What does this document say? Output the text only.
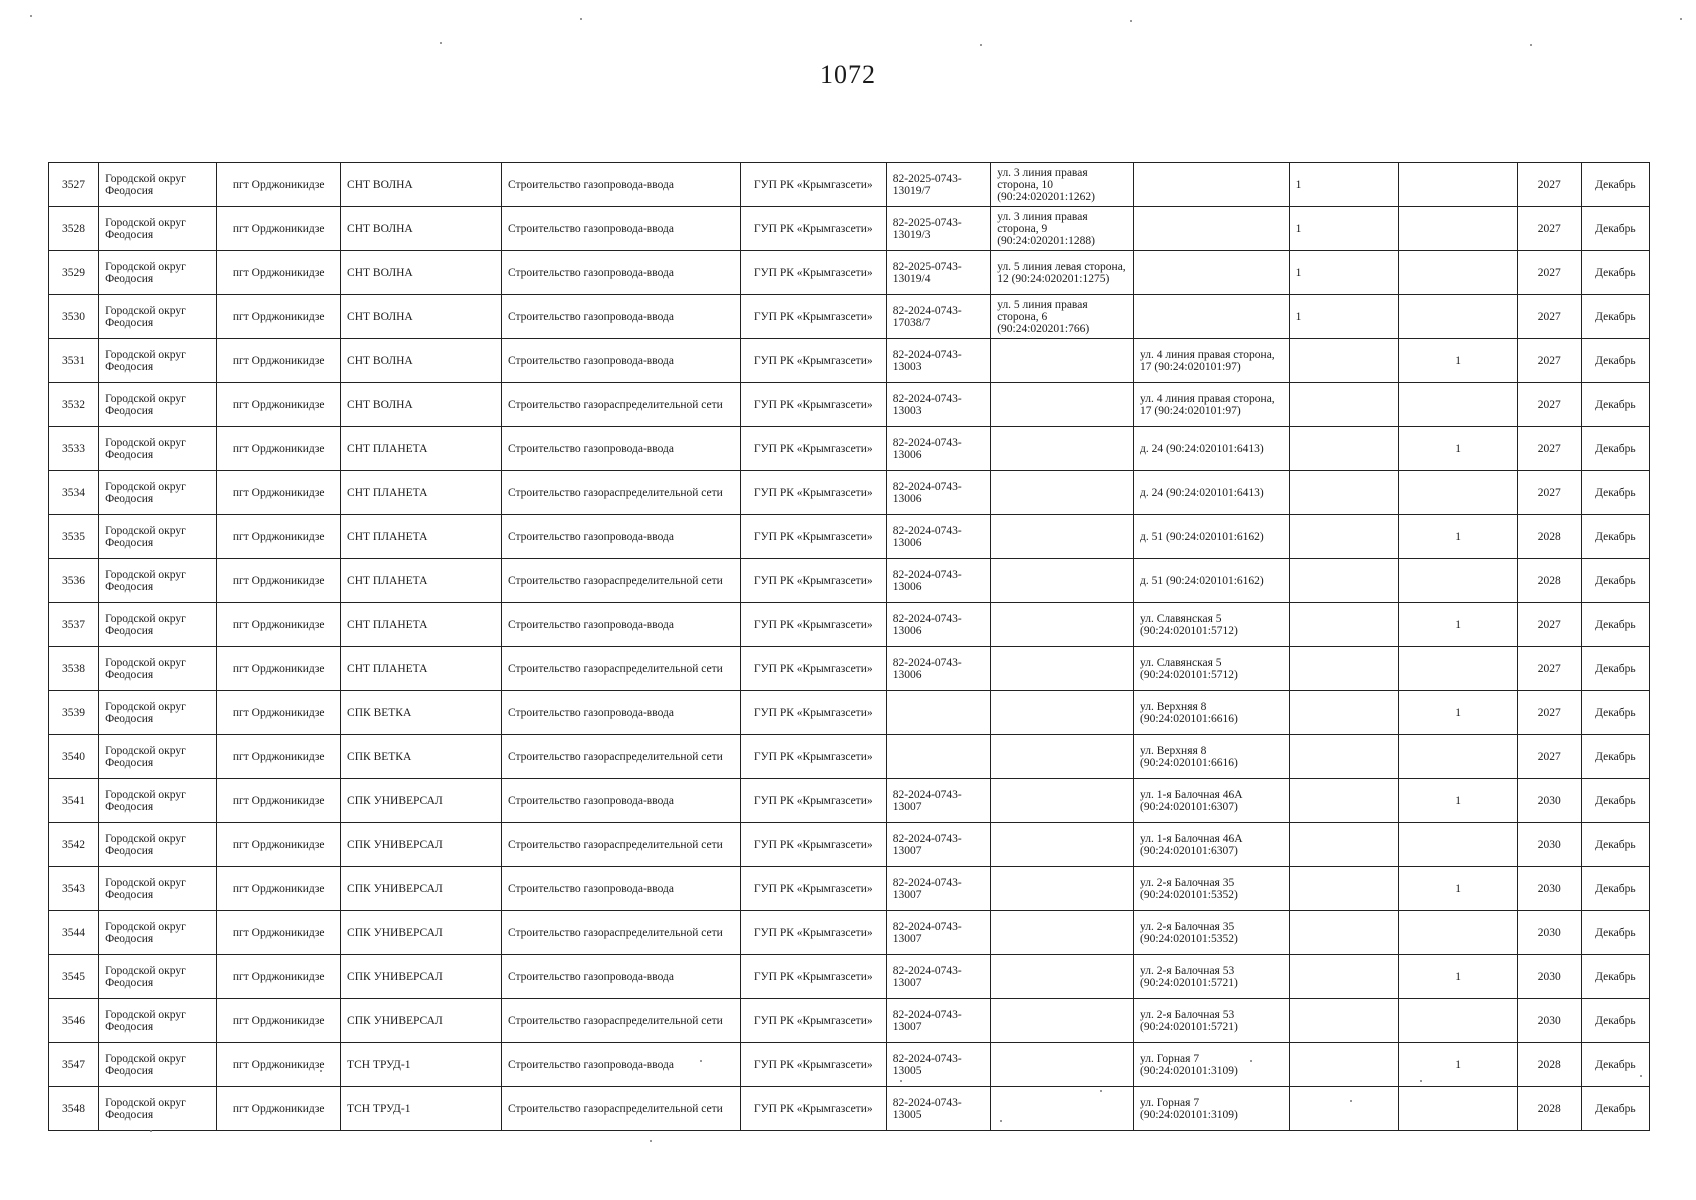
1072
3527	Городской округ Феодосия	пгт Орджоникидзе	СНТ ВОЛНА	Строительство газопровода-ввода	ГУП РК «Крымгазсети»	82-2025-0743-13019/7	ул. 3 линия правая сторона, 10 (90:24:020201:1262)		1		2027	Декабрь
3528	Городской округ Феодосия	пгт Орджоникидзе	СНТ ВОЛНА	Строительство газопровода-ввода	ГУП РК «Крымгазсети»	82-2025-0743-13019/3	ул. 3 линия правая сторона, 9 (90:24:020201:1288)		1		2027	Декабрь
3529	Городской округ Феодосия	пгт Орджоникидзе	СНТ ВОЛНА	Строительство газопровода-ввода	ГУП РК «Крымгазсети»	82-2025-0743-13019/4	ул. 5 линия левая сторона, 12 (90:24:020201:1275)		1		2027	Декабрь
3530	Городской округ Феодосия	пгт Орджоникидзе	СНТ ВОЛНА	Строительство газопровода-ввода	ГУП РК «Крымгазсети»	82-2024-0743-17038/7	ул. 5 линия правая сторона, 6 (90:24:020201:766)		1		2027	Декабрь
3531	Городской округ Феодосия	пгт Орджоникидзе	СНТ ВОЛНА	Строительство газопровода-ввода	ГУП РК «Крымгазсети»	82-2024-0743-13003		ул. 4 линия правая сторона, 17 (90:24:020101:97)		1	2027	Декабрь
3532	Городской округ Феодосия	пгт Орджоникидзе	СНТ ВОЛНА	Строительство газораспределительной сети	ГУП РК «Крымгазсети»	82-2024-0743-13003		ул. 4 линия правая сторона, 17 (90:24:020101:97)			2027	Декабрь
3533	Городской округ Феодосия	пгт Орджоникидзе	СНТ ПЛАНЕТА	Строительство газопровода-ввода	ГУП РК «Крымгазсети»	82-2024-0743-13006		д. 24 (90:24:020101:6413)		1	2027	Декабрь
3534	Городской округ Феодосия	пгт Орджоникидзе	СНТ ПЛАНЕТА	Строительство газораспределительной сети	ГУП РК «Крымгазсети»	82-2024-0743-13006		д. 24 (90:24:020101:6413)			2027	Декабрь
3535	Городской округ Феодосия	пгт Орджоникидзе	СНТ ПЛАНЕТА	Строительство газопровода-ввода	ГУП РК «Крымгазсети»	82-2024-0743-13006		д. 51 (90:24:020101:6162)		1	2028	Декабрь
3536	Городской округ Феодосия	пгт Орджоникидзе	СНТ ПЛАНЕТА	Строительство газораспределительной сети	ГУП РК «Крымгазсети»	82-2024-0743-13006		д. 51 (90:24:020101:6162)			2028	Декабрь
3537	Городской округ Феодосия	пгт Орджоникидзе	СНТ ПЛАНЕТА	Строительство газопровода-ввода	ГУП РК «Крымгазсети»	82-2024-0743-13006		ул. Славянская 5 (90:24:020101:5712)		1	2027	Декабрь
3538	Городской округ Феодосия	пгт Орджоникидзе	СНТ ПЛАНЕТА	Строительство газораспределительной сети	ГУП РК «Крымгазсети»	82-2024-0743-13006		ул. Славянская 5 (90:24:020101:5712)			2027	Декабрь
3539	Городской округ Феодосия	пгт Орджоникидзе	СПК ВЕТКА	Строительство газопровода-ввода	ГУП РК «Крымгазсети»			ул. Верхняя 8 (90:24:020101:6616)		1	2027	Декабрь
3540	Городской округ Феодосия	пгт Орджоникидзе	СПК ВЕТКА	Строительство газораспределительной сети	ГУП РК «Крымгазсети»			ул. Верхняя 8 (90:24:020101:6616)			2027	Декабрь
3541	Городской округ Феодосия	пгт Орджоникидзе	СПК УНИВЕРСАЛ	Строительство газопровода-ввода	ГУП РК «Крымгазсети»	82-2024-0743-13007		ул. 1-я Балочная 46А (90:24:020101:6307)		1	2030	Декабрь
3542	Городской округ Феодосия	пгт Орджоникидзе	СПК УНИВЕРСАЛ	Строительство газораспределительной сети	ГУП РК «Крымгазсети»	82-2024-0743-13007		ул. 1-я Балочная 46А (90:24:020101:6307)			2030	Декабрь
3543	Городской округ Феодосия	пгт Орджоникидзе	СПК УНИВЕРСАЛ	Строительство газопровода-ввода	ГУП РК «Крымгазсети»	82-2024-0743-13007		ул. 2-я Балочная 35 (90:24:020101:5352)		1	2030	Декабрь
3544	Городской округ Феодосия	пгт Орджоникидзе	СПК УНИВЕРСАЛ	Строительство газораспределительной сети	ГУП РК «Крымгазсети»	82-2024-0743-13007		ул. 2-я Балочная 35 (90:24:020101:5352)			2030	Декабрь
3545	Городской округ Феодосия	пгт Орджоникидзе	СПК УНИВЕРСАЛ	Строительство газопровода-ввода	ГУП РК «Крымгазсети»	82-2024-0743-13007		ул. 2-я Балочная 53 (90:24:020101:5721)		1	2030	Декабрь
3546	Городской округ Феодосия	пгт Орджоникидзе	СПК УНИВЕРСАЛ	Строительство газораспределительной сети	ГУП РК «Крымгазсети»	82-2024-0743-13007		ул. 2-я Балочная 53 (90:24:020101:5721)			2030	Декабрь
3547	Городской округ Феодосия	пгт Орджоникидзе	ТСН ТРУД-1	Строительство газопровода-ввода	ГУП РК «Крымгазсети»	82-2024-0743-13005		ул. Горная 7 (90:24:020101:3109)		1	2028	Декабрь
3548	Городской округ Феодосия	пгт Орджоникидзе	ТСН ТРУД-1	Строительство газораспределительной сети	ГУП РК «Крымгазсети»	82-2024-0743-13005		ул. Горная 7 (90:24:020101:3109)			2028	Декабрь
